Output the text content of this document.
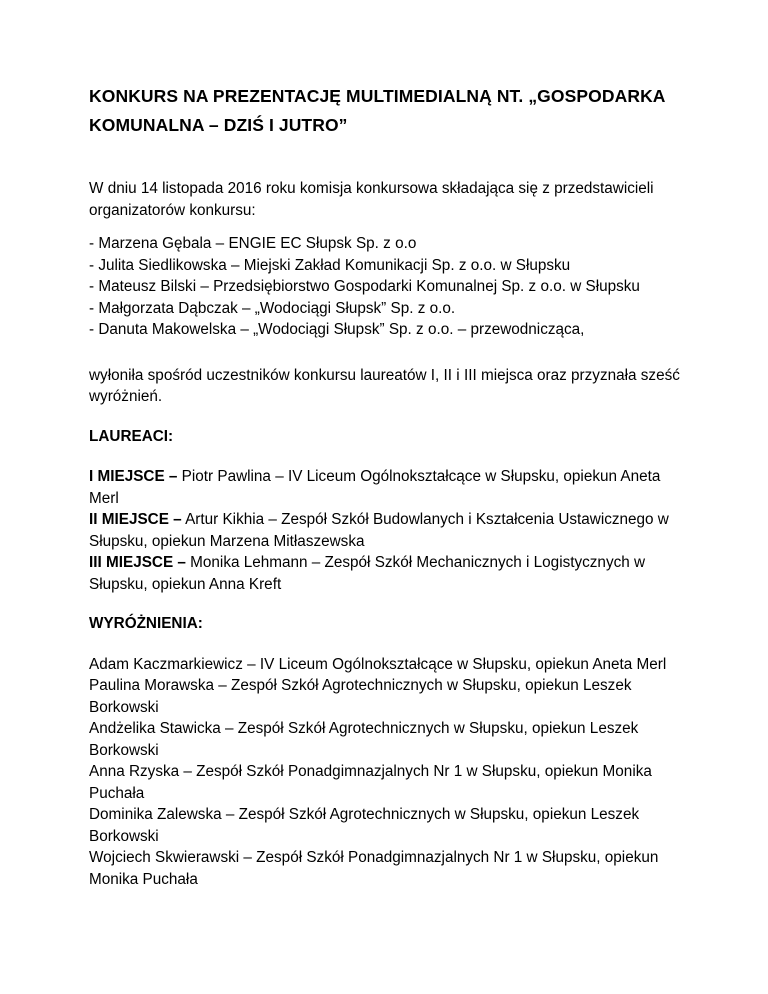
KONKURS NA PREZENTACJĘ MULTIMEDIALNĄ NT. „GOSPODARKA KOMUNALNA – DZIŚ I JUTRO”

W dniu 14 listopada 2016 roku komisja konkursowa składająca się z przedstawicieli organizatorów konkursu:

- Marzena Gębala – ENGIE EC Słupsk Sp. z o.o
- Julita Siedlikowska – Miejski Zakład Komunikacji Sp. z o.o. w Słupsku
- Mateusz Bilski – Przedsiębiorstwo Gospodarki Komunalnej Sp. z o.o. w Słupsku
- Małgorzata Dąbczak – „Wodociągi Słupsk” Sp. z o.o.
- Danuta Makowelska – „Wodociągi Słupsk” Sp. z o.o. – przewodnicząca,

wyłoniła spośród uczestników konkursu laureatów I, II i III miejsca oraz przyznała sześć wyróżnień.

LAUREACI:

I MIEJSCE – Piotr Pawlina – IV Liceum Ogólnokształcące w Słupsku, opiekun Aneta Merl
II MIEJSCE – Artur Kikhia – Zespół Szkół Budowlanych i Kształcenia Ustawicznego w Słupsku, opiekun Marzena Mitłaszewska
III MIEJSCE – Monika Lehmann – Zespół Szkół Mechanicznych i Logistycznych w Słupsku, opiekun Anna Kreft

WYRÓŻNIENIA:

Adam Kaczmarkiewicz – IV Liceum Ogólnokształcące w Słupsku, opiekun Aneta Merl
Paulina Morawska – Zespół Szkół Agrotechnicznych w Słupsku, opiekun Leszek Borkowski
Andżelika Stawicka – Zespół Szkół Agrotechnicznych w Słupsku, opiekun Leszek Borkowski
Anna Rzyska – Zespół Szkół Ponadgimnazjalnych Nr 1 w Słupsku, opiekun Monika Puchała
Dominika Zalewska – Zespół Szkół Agrotechnicznych w Słupsku, opiekun Leszek Borkowski
Wojciech Skwierawski – Zespół Szkół Ponadgimnazjalnych Nr 1 w Słupsku, opiekun Monika Puchała
